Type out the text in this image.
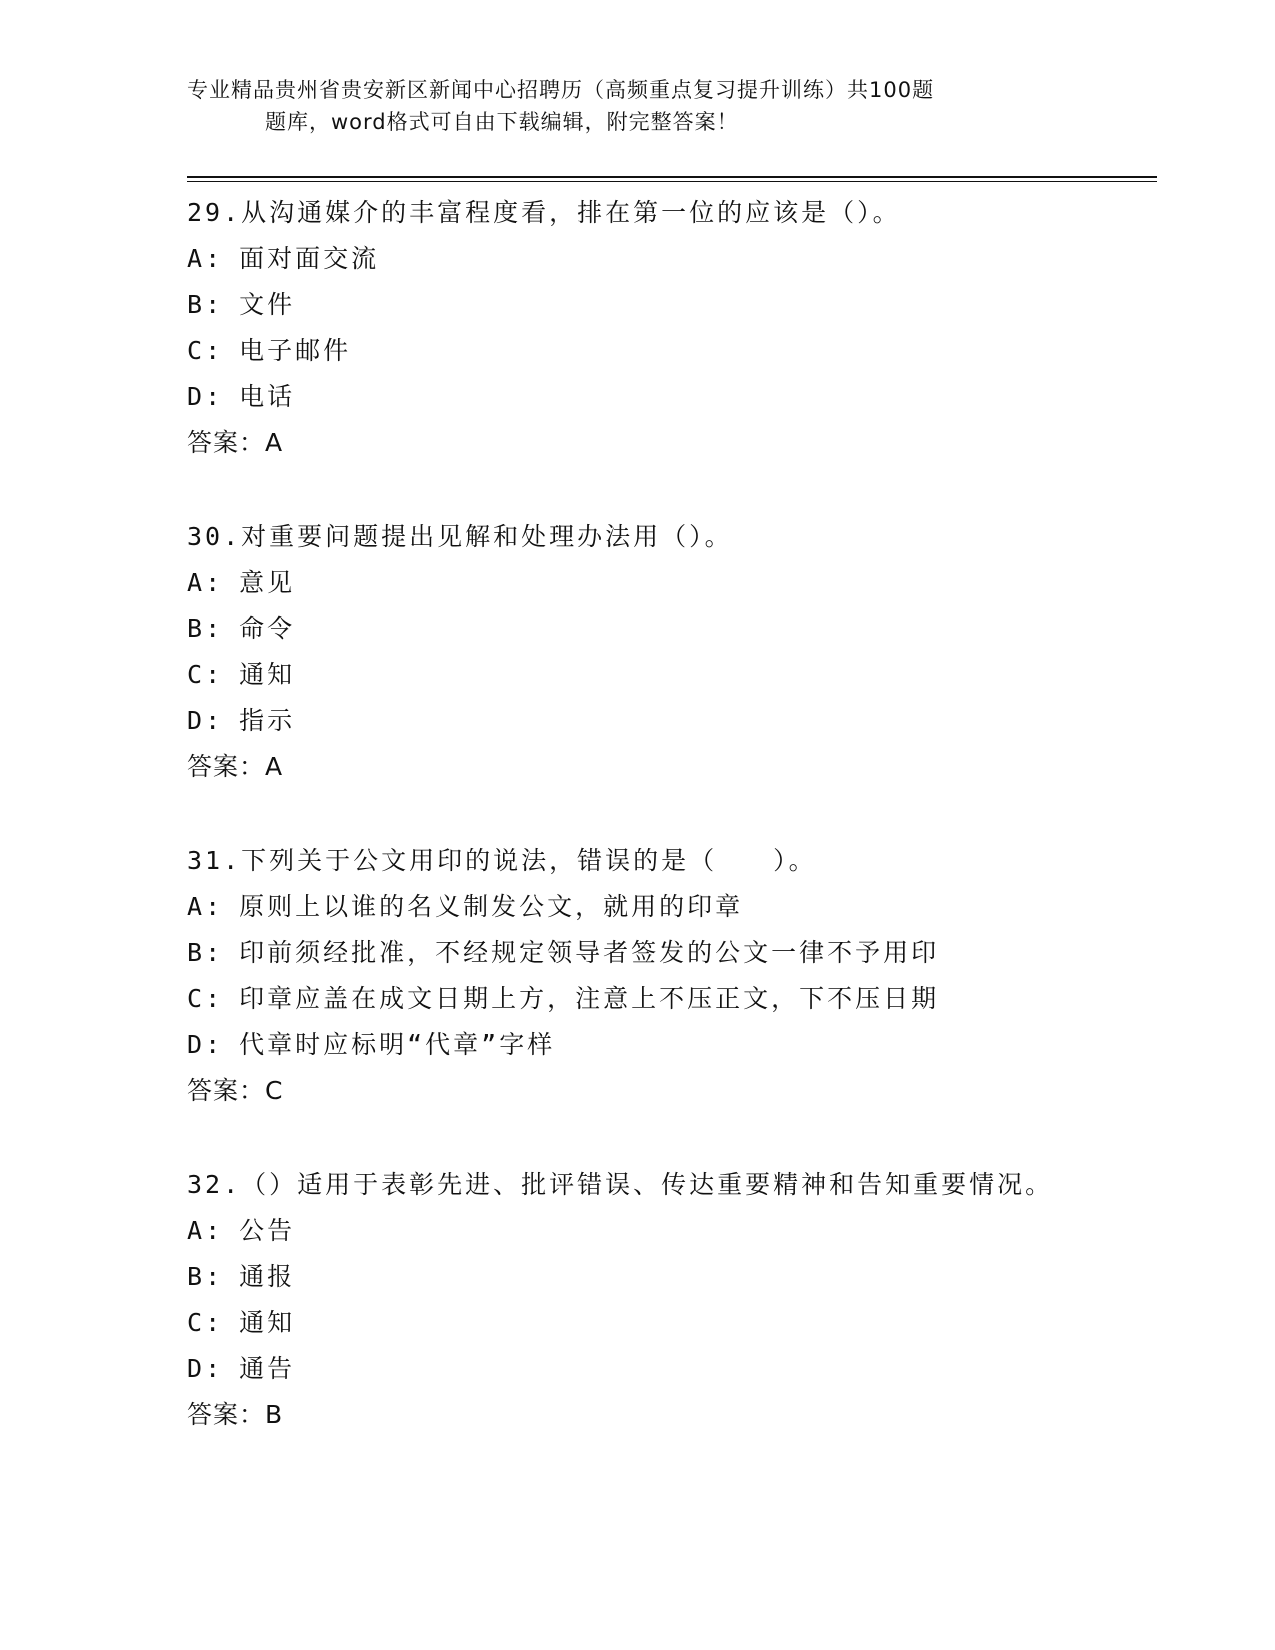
专业精品贵州省贵安新区新闻中心招聘历（高频重点复习提升训练）共100题
题库，word格式可自由下载编辑，附完整答案！
29.从沟通媒介的丰富程度看，排在第一位的应该是（）。
A: 面对面交流
B: 文件
C: 电子邮件
D: 电话
答案：A
30.对重要问题提出见解和处理办法用（）。
A: 意见
B: 命令
C: 通知
D: 指示
答案：A
31.下列关于公文用印的说法，错误的是（　　）。
A: 原则上以谁的名义制发公文，就用的印章
B: 印前须经批准，不经规定领导者签发的公文一律不予用印
C: 印章应盖在成文日期上方，注意上不压正文，下不压日期
D: 代章时应标明“代章”字样
答案：C
32.（）适用于表彰先进、批评错误、传达重要精神和告知重要情况。
A: 公告
B: 通报
C: 通知
D: 通告
答案：B
